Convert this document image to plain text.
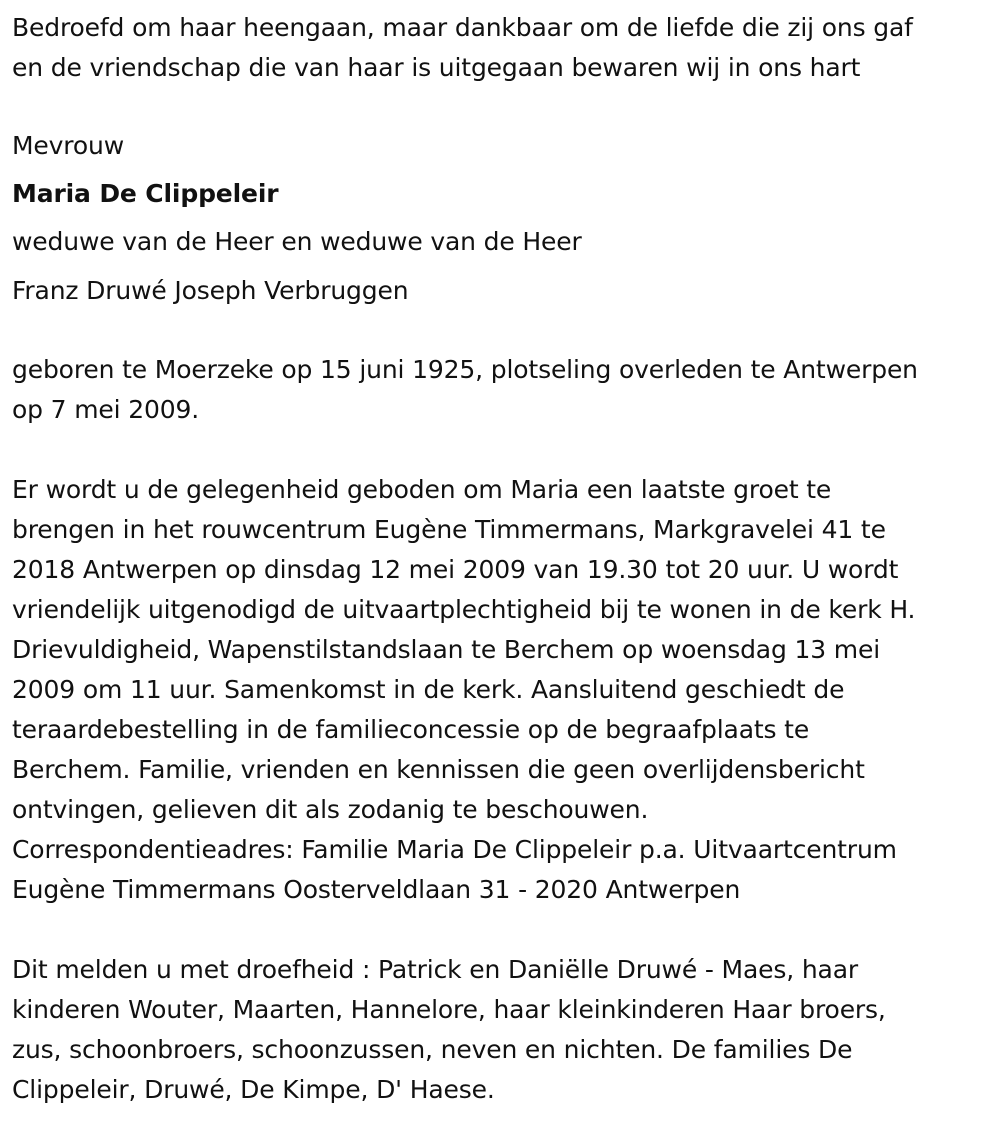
Bedroefd om haar heengaan, maar dankbaar om de liefde die zij ons gaf
en de vriendschap die van haar is uitgegaan bewaren wij in ons hart
Mevrouw
Maria De Clippeleir
weduwe van de Heer en weduwe van de Heer
Franz Druwé Joseph Verbruggen
geboren te Moerzeke op 15 juni 1925, plotseling overleden te Antwerpen
op 7 mei 2009.
Er wordt u de gelegenheid geboden om Maria een laatste groet te
brengen in het rouwcentrum Eugène Timmermans, Markgravelei 41 te
2018 Antwerpen op dinsdag 12 mei 2009 van 19.30 tot 20 uur. U wordt
vriendelijk uitgenodigd de uitvaartplechtigheid bij te wonen in de kerk H.
Drievuldigheid, Wapenstilstandslaan te Berchem op woensdag 13 mei
2009 om 11 uur. Samenkomst in de kerk. Aansluitend geschiedt de
teraardebestelling in de familieconcessie op de begraafplaats te
Berchem. Familie, vrienden en kennissen die geen overlijdensbericht
ontvingen, gelieven dit als zodanig te beschouwen.
Correspondentieadres: Familie Maria De Clippeleir p.a. Uitvaartcentrum
Eugène Timmermans Oosterveldlaan 31 - 2020 Antwerpen
Dit melden u met droefheid : Patrick en Daniëlle Druwé - Maes, haar
kinderen Wouter, Maarten, Hannelore, haar kleinkinderen Haar broers,
zus, schoonbroers, schoonzussen, neven en nichten. De families De
Clippeleir, Druwé, De Kimpe, D' Haese.
